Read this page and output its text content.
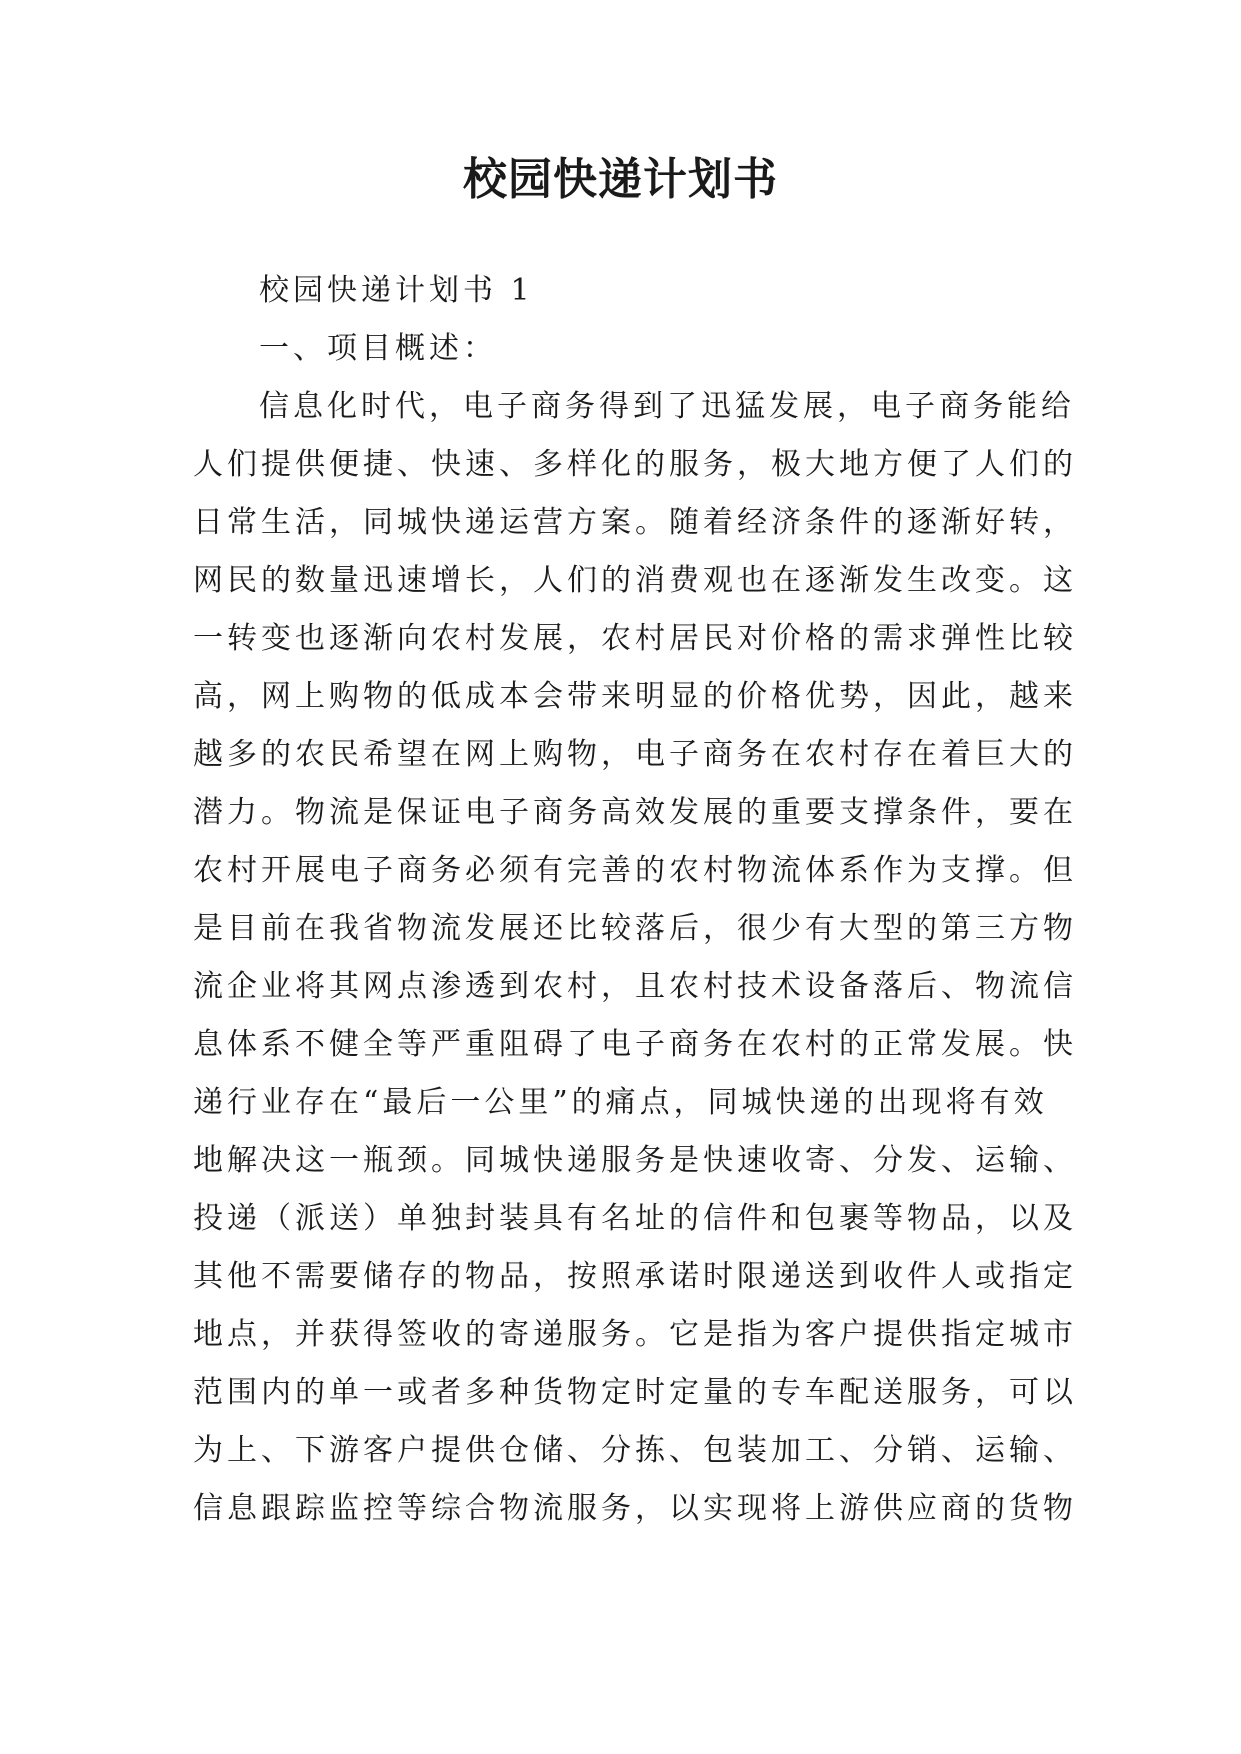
校园快递计划书
校园快递计划书 1
一、项目概述：
信息化时代，电子商务得到了迅猛发展，电子商务能给
人们提供便捷、快速、多样化的服务，极大地方便了人们的
日常生活，同城快递运营方案。随着经济条件的逐渐好转，
网民的数量迅速增长，人们的消费观也在逐渐发生改变。这
一转变也逐渐向农村发展，农村居民对价格的需求弹性比较
高，网上购物的低成本会带来明显的价格优势，因此，越来
越多的农民希望在网上购物，电子商务在农村存在着巨大的
潜力。物流是保证电子商务高效发展的重要支撑条件，要在
农村开展电子商务必须有完善的农村物流体系作为支撑。但
是目前在我省物流发展还比较落后，很少有大型的第三方物
流企业将其网点渗透到农村，且农村技术设备落后、物流信
息体系不健全等严重阻碍了电子商务在农村的正常发展。快
递行业存在“最后一公里”的痛点，同城快递的出现将有效
地解决这一瓶颈。同城快递服务是快速收寄、分发、运输、
投递（派送）单独封装具有名址的信件和包裹等物品，以及
其他不需要储存的物品，按照承诺时限递送到收件人或指定
地点，并获得签收的寄递服务。它是指为客户提供指定城市
范围内的单一或者多种货物定时定量的专车配送服务，可以
为上、下游客户提供仓储、分拣、包装加工、分销、运输、
信息跟踪监控等综合物流服务，以实现将上游供应商的货物
